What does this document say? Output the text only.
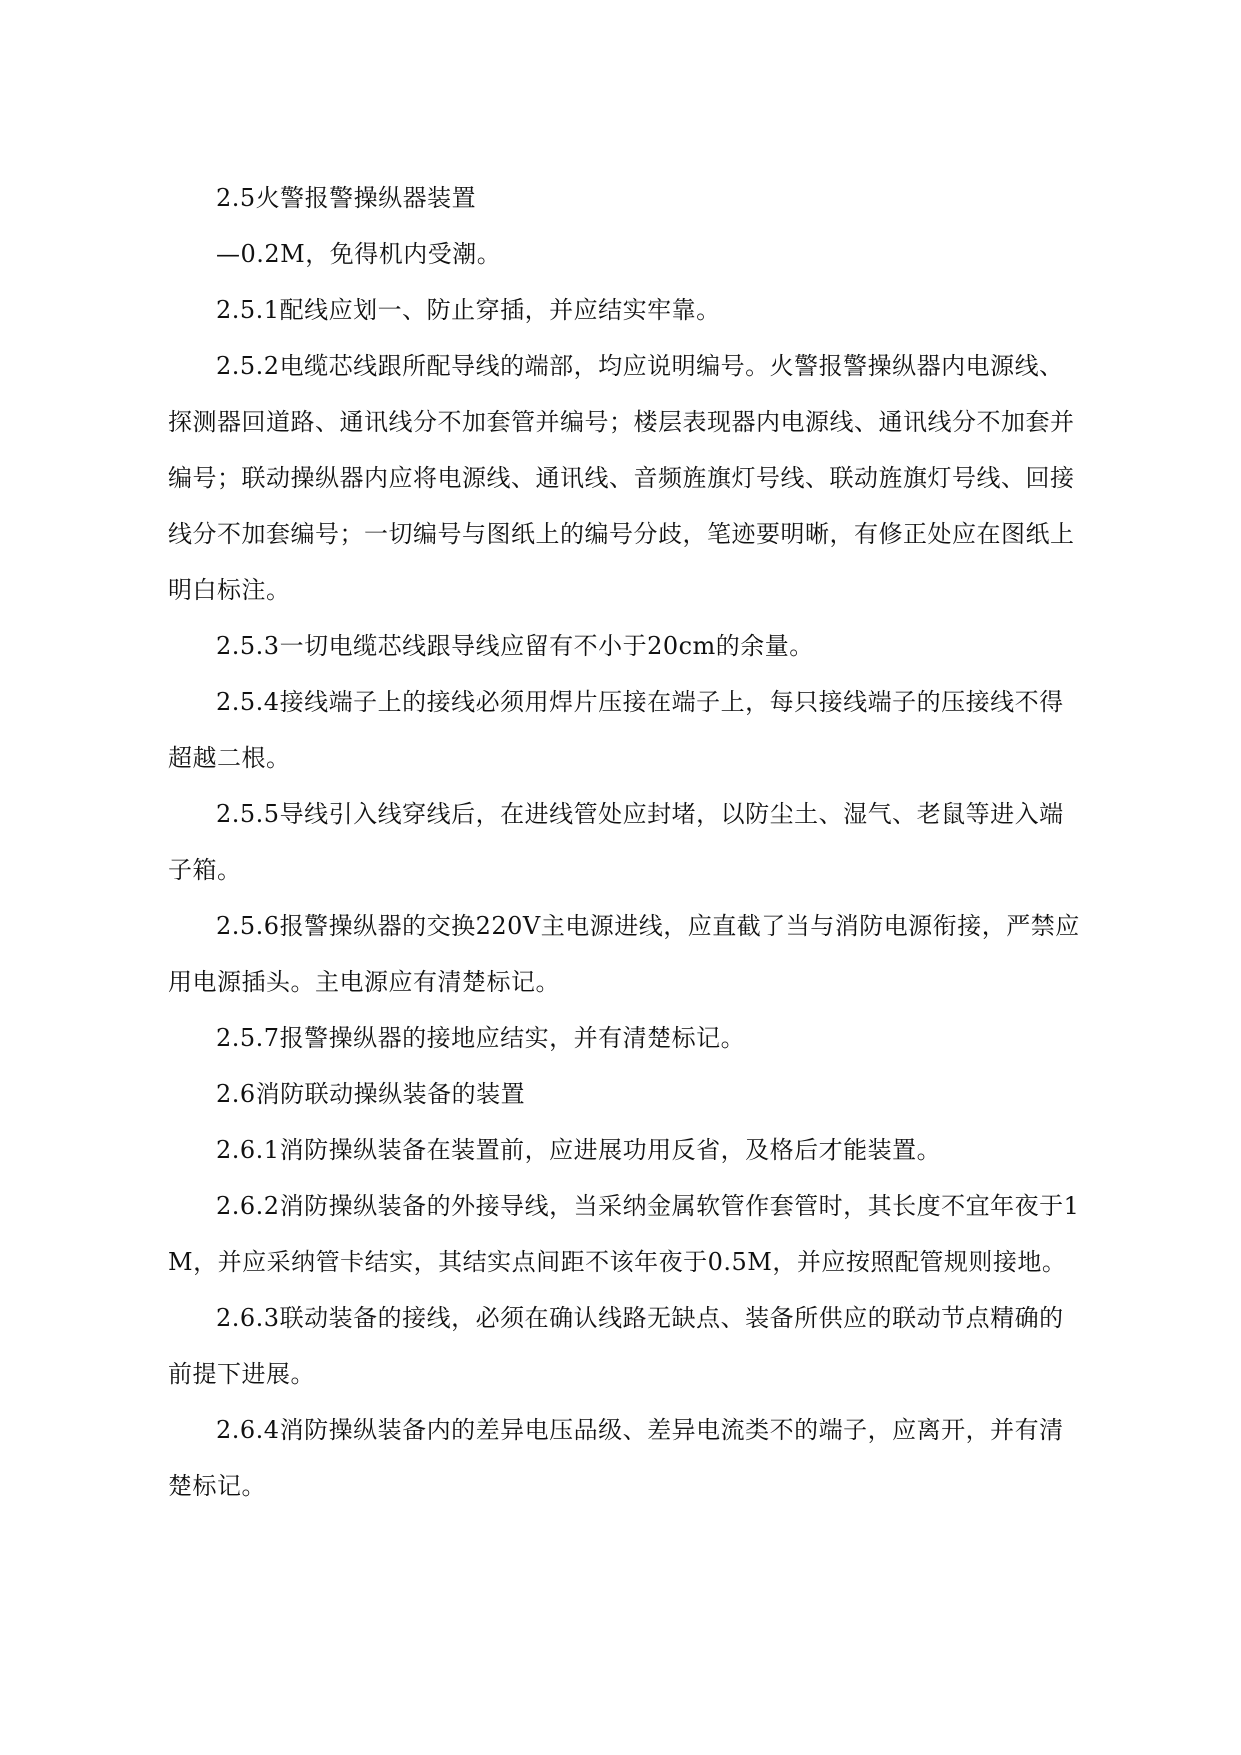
2.5火警报警操纵器装置

—0.2M，免得机内受潮。

2.5.1配线应划一、防止穿插，并应结实牢靠。

2.5.2电缆芯线跟所配导线的端部，均应说明编号。火警报警操纵器内电源线、探测器回道路、通讯线分不加套管并编号；楼层表现器内电源线、通讯线分不加套并编号；联动操纵器内应将电源线、通讯线、音频旌旗灯号线、联动旌旗灯号线、回接线分不加套编号；一切编号与图纸上的编号分歧，笔迹要明晰，有修正处应在图纸上明白标注。

2.5.3一切电缆芯线跟导线应留有不小于20cm的余量。

2.5.4接线端子上的接线必须用焊片压接在端子上，每只接线端子的压接线不得超越二根。

2.5.5导线引入线穿线后，在进线管处应封堵，以防尘土、湿气、老鼠等进入端子箱。

2.5.6报警操纵器的交换220V主电源进线，应直截了当与消防电源衔接，严禁应用电源插头。主电源应有清楚标记。

2.5.7报警操纵器的接地应结实，并有清楚标记。

2.6消防联动操纵装备的装置

2.6.1消防操纵装备在装置前，应进展功用反省，及格后才能装置。

2.6.2消防操纵装备的外接导线，当采纳金属软管作套管时，其长度不宜年夜于1M，并应采纳管卡结实，其结实点间距不该年夜于0.5M，并应按照配管规则接地。

2.6.3联动装备的接线，必须在确认线路无缺点、装备所供应的联动节点精确的前提下进展。

2.6.4消防操纵装备内的差异电压品级、差异电流类不的端子，应离开，并有清楚标记。
